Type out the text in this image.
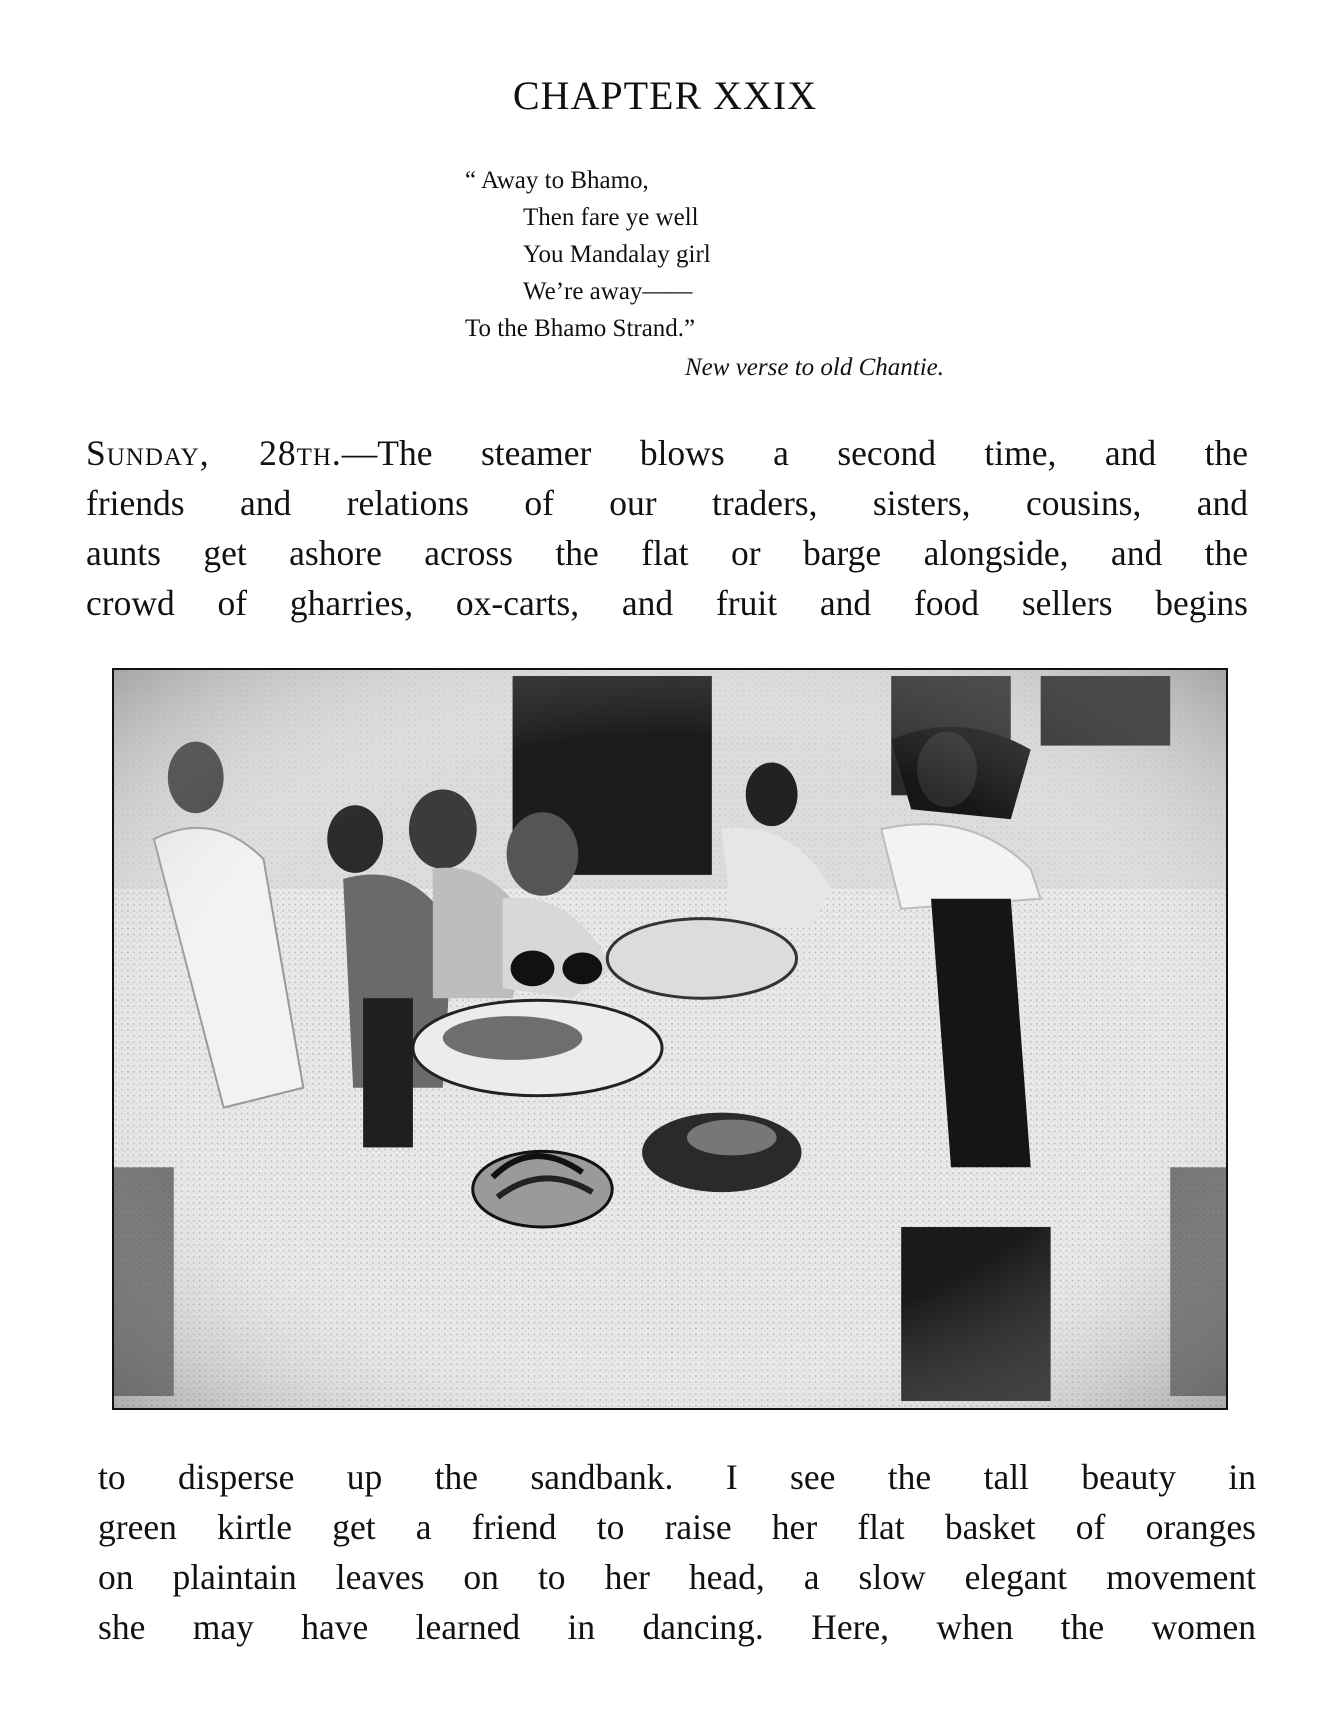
CHAPTER XXIX
“ Away to Bhamo,
Then fare ye well
You Mandalay girl
We’re away——
To the Bhamo Strand.”
New verse to old Chantie.
Sunday, 28th.—The steamer blows a second time, and the
friends and relations of our traders, sisters, cousins, and
aunts get ashore across the flat or barge alongside, and the
crowd of gharries, ox-carts, and fruit and food sellers begins
to disperse up the sandbank. I see the tall beauty in
green kirtle get a friend to raise her flat basket of oranges
on plaintain leaves on to her head, a slow elegant movement
she may have learned in dancing. Here, when the women
